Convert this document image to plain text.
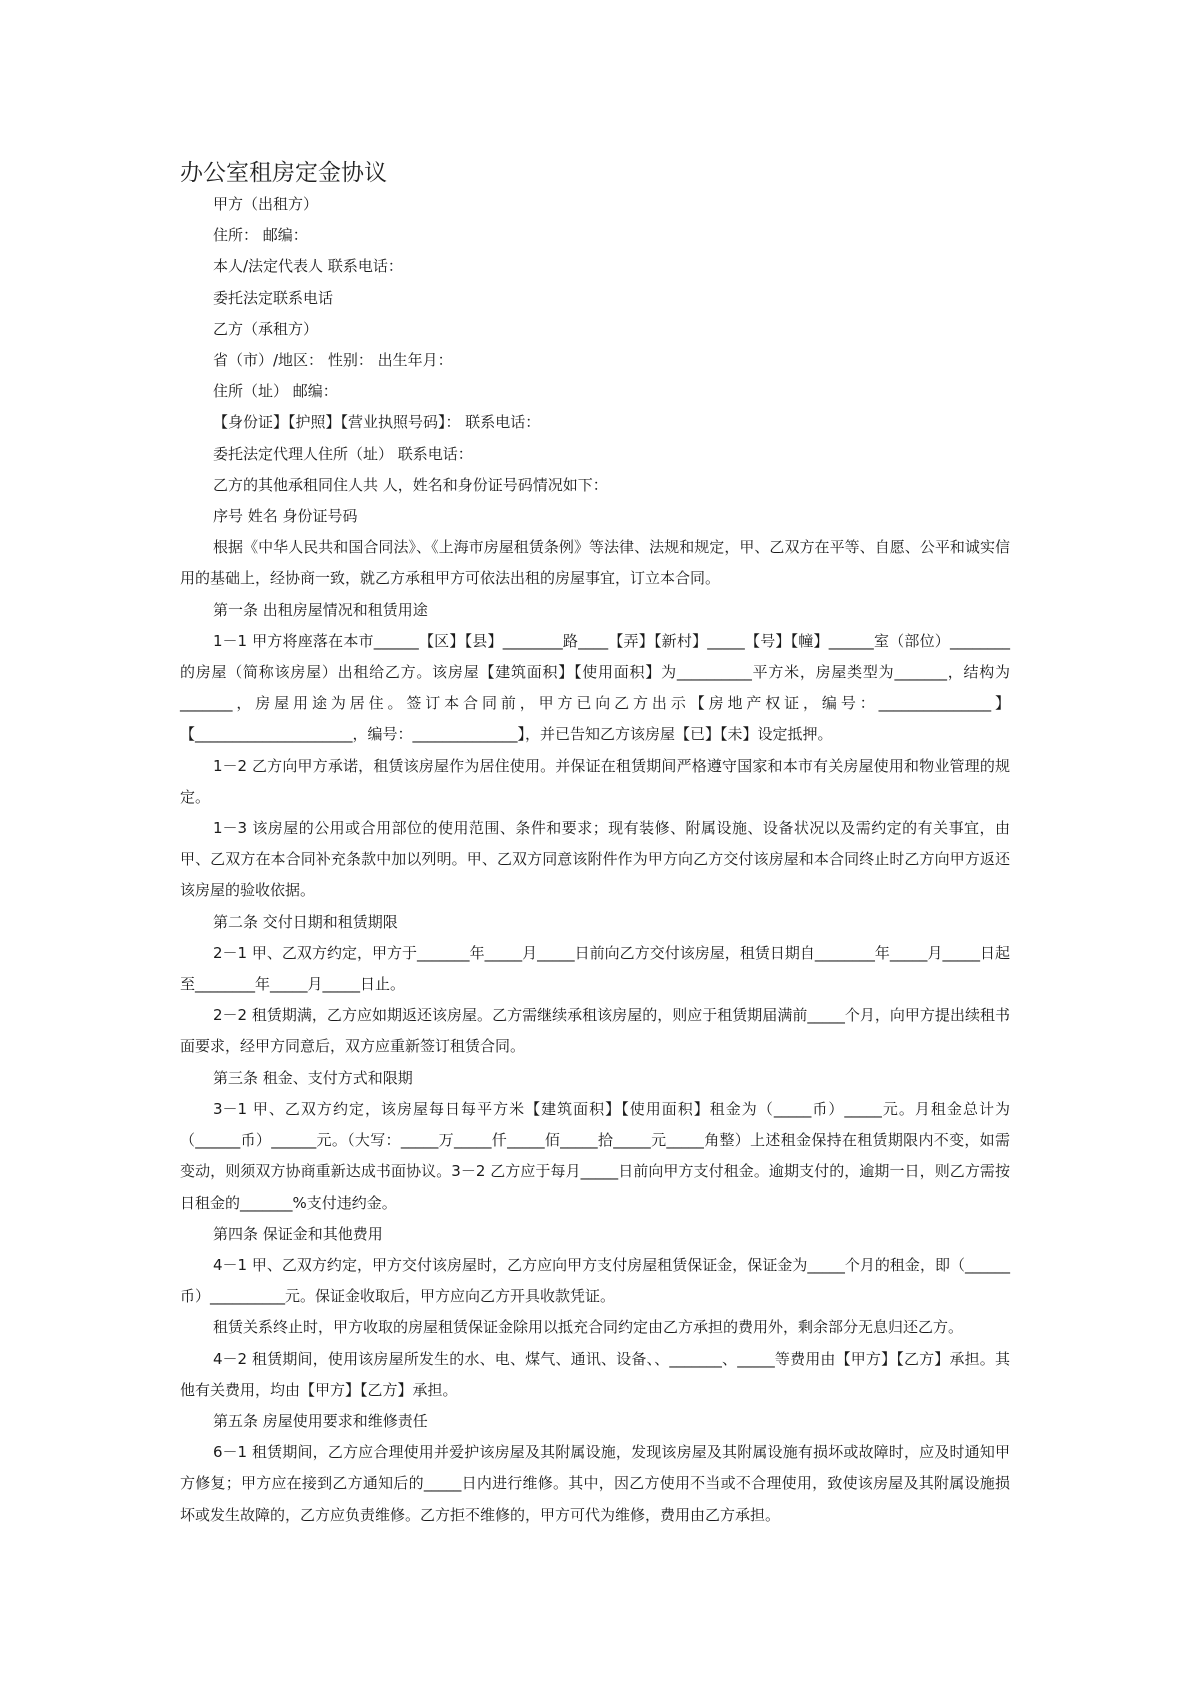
办公室租房定金协议

甲方（出租方）

住所： 邮编：

本人/法定代表人 联系电话：

委托法定联系电话

乙方（承租方）

省（市）/地区： 性别： 出生年月：

住所（址） 邮编：

【身份证】【护照】【营业执照号码】： 联系电话：

委托法定代理人住所（址） 联系电话：

乙方的其他承租同住人共 人，姓名和身份证号码情况如下：

序号 姓名 身份证号码

根据《中华人民共和国合同法》、《上海市房屋租赁条例》等法律、法规和规定，甲、乙双方在平等、自愿、公平和诚实信用的基础上，经协商一致，就乙方承租甲方可依法出租的房屋事宜，订立本合同。

第一条 出租房屋情况和租赁用途

1－1 甲方将座落在本市______【区】【县】________路____【弄】【新村】_____【号】【幢】______室（部位）________的房屋（简称该房屋）出租给乙方。该房屋【建筑面积】【使用面积】为__________平方米，房屋类型为_______，结构为_______，房屋用途为居住。签订本合同前，甲方已向乙方出示【房地产权证，编号：_______________】【_____________________，编号：______________】，并已告知乙方该房屋【已】【未】设定抵押。

1－2 乙方向甲方承诺，租赁该房屋作为居住使用。并保证在租赁期间严格遵守国家和本市有关房屋使用和物业管理的规定。

1－3 该房屋的公用或合用部位的使用范围、条件和要求；现有装修、附属设施、设备状况以及需约定的有关事宜，由甲、乙双方在本合同补充条款中加以列明。甲、乙双方同意该附件作为甲方向乙方交付该房屋和本合同终止时乙方向甲方返还该房屋的验收依据。

第二条 交付日期和租赁期限

2－1 甲、乙双方约定，甲方于_______年_____月_____日前向乙方交付该房屋，租赁日期自________年_____月_____日起至________年_____月_____日止。

2－2 租赁期满，乙方应如期返还该房屋。乙方需继续承租该房屋的，则应于租赁期届满前_____个月，向甲方提出续租书面要求，经甲方同意后，双方应重新签订租赁合同。

第三条 租金、支付方式和限期

3－1 甲、乙双方约定，该房屋每日每平方米【建筑面积】【使用面积】租金为（_____币）_____元。月租金总计为（______币）______元。（大写：_____万_____仟_____佰_____拾_____元_____角整）上述租金保持在租赁期限内不变，如需变动，则须双方协商重新达成书面协议。3－2 乙方应于每月_____日前向甲方支付租金。逾期支付的，逾期一日，则乙方需按日租金的_______%支付违约金。

第四条 保证金和其他费用

4－1 甲、乙双方约定，甲方交付该房屋时，乙方应向甲方支付房屋租赁保证金，保证金为_____个月的租金，即（______币）__________元。保证金收取后，甲方应向乙方开具收款凭证。

租赁关系终止时，甲方收取的房屋租赁保证金除用以抵充合同约定由乙方承担的费用外，剩余部分无息归还乙方。

4－2 租赁期间，使用该房屋所发生的水、电、煤气、通讯、设备、、_______、_____等费用由【甲方】【乙方】承担。其他有关费用，均由【甲方】【乙方】承担。

第五条 房屋使用要求和维修责任

6－1 租赁期间，乙方应合理使用并爱护该房屋及其附属设施，发现该房屋及其附属设施有损坏或故障时，应及时通知甲方修复；甲方应在接到乙方通知后的_____日内进行维修。其中，因乙方使用不当或不合理使用，致使该房屋及其附属设施损坏或发生故障的，乙方应负责维修。乙方拒不维修的，甲方可代为维修，费用由乙方承担。
